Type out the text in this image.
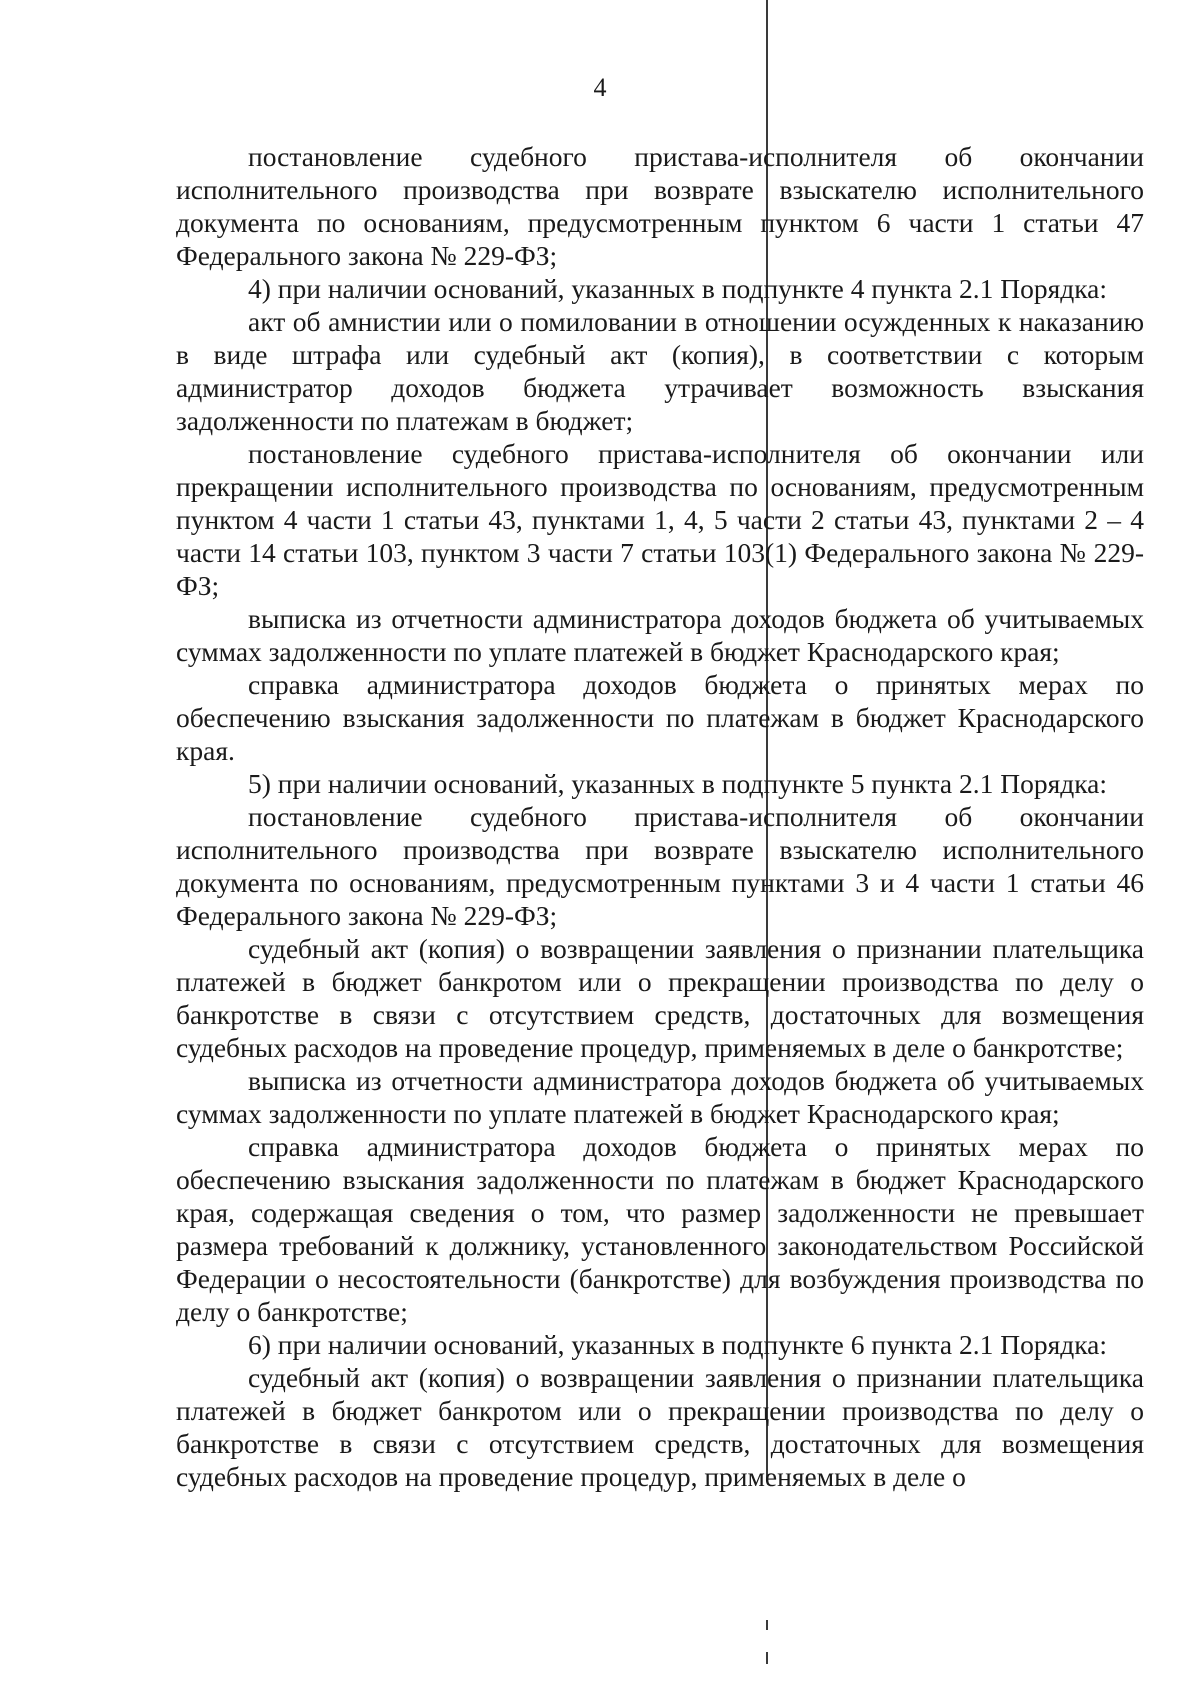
4

постановление судебного пристава-исполнителя об окончании исполнительного производства при возврате взыскателю исполнительного документа по основаниям, предусмотренным пунктом 6 части 1 статьи 47 Федерального закона № 229-ФЗ;

4) при наличии оснований, указанных в подпункте 4 пункта 2.1 Порядка:

акт об амнистии или о помиловании в отношении осужденных к наказанию в виде штрафа или судебный акт (копия), в соответствии с которым администратор доходов бюджета утрачивает возможность взыскания задолженности по платежам в бюджет;

постановление судебного пристава-исполнителя об окончании или прекращении исполнительного производства по основаниям, предусмотренным пунктом 4 части 1 статьи 43, пунктами 1, 4, 5 части 2 статьи 43, пунктами 2 – 4 части 14 статьи 103, пунктом 3 части 7 статьи 103(1) Федерального закона № 229-ФЗ;

выписка из отчетности администратора доходов бюджета об учитываемых суммах задолженности по уплате платежей в бюджет Краснодарского края;

справка администратора доходов бюджета о принятых мерах по обеспечению взыскания задолженности по платежам в бюджет Краснодарского края.

5) при наличии оснований, указанных в подпункте 5 пункта 2.1 Порядка:

постановление судебного пристава-исполнителя об окончании исполнительного производства при возврате взыскателю исполнительного документа по основаниям, предусмотренным пунктами 3 и 4 части 1 статьи 46 Федерального закона № 229-ФЗ;

судебный акт (копия) о возвращении заявления о признании плательщика платежей в бюджет банкротом или о прекращении производства по делу о банкротстве в связи с отсутствием средств, достаточных для возмещения судебных расходов на проведение процедур, применяемых в деле о банкротстве;

выписка из отчетности администратора доходов бюджета об учитываемых суммах задолженности по уплате платежей в бюджет Краснодарского края;

справка администратора доходов бюджета о принятых мерах по обеспечению взыскания задолженности по платежам в бюджет Краснодарского края, содержащая сведения о том, что размер задолженности не превышает размера требований к должнику, установленного законодательством Российской Федерации о несостоятельности (банкротстве) для возбуждения производства по делу о банкротстве;

6) при наличии оснований, указанных в подпункте 6 пункта 2.1 Порядка:

судебный акт (копия) о возвращении заявления о признании плательщика платежей в бюджет банкротом или о прекращении производства по делу о банкротстве в связи с отсутствием средств, достаточных для возмещения судебных расходов на проведение процедур, применяемых в деле о
